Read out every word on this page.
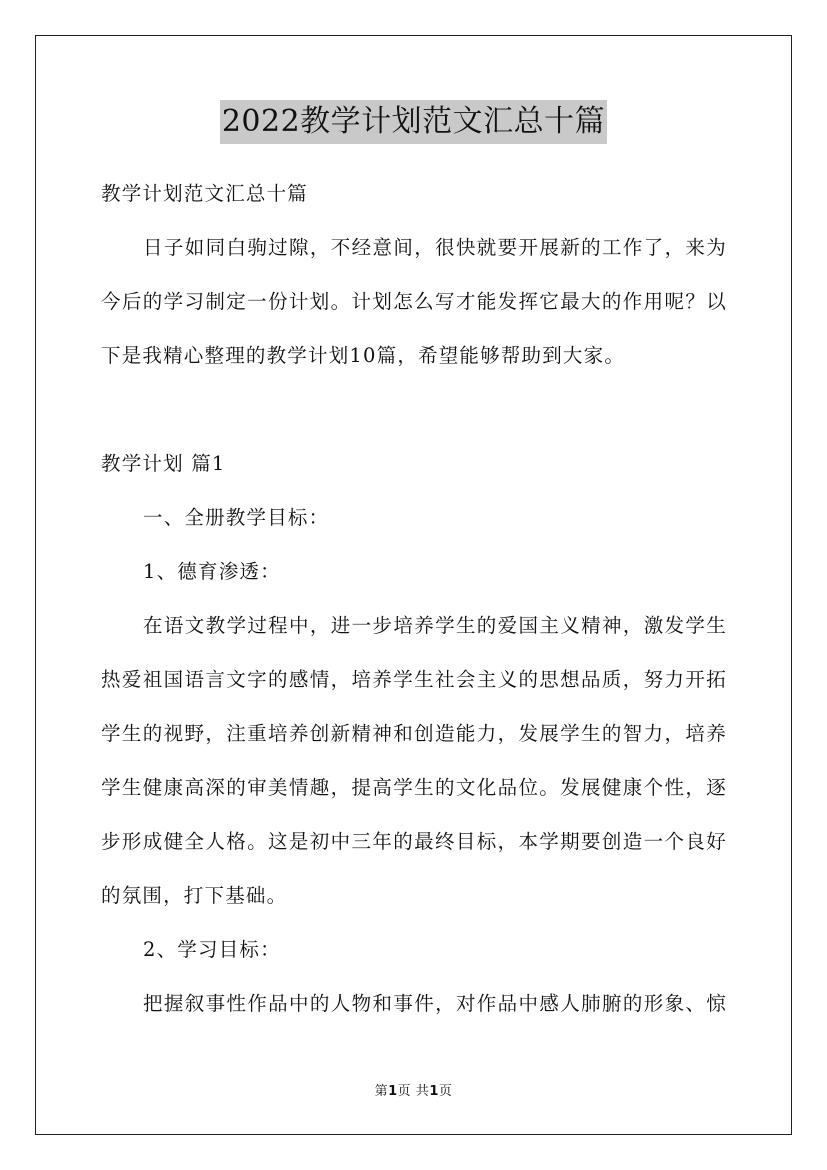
2022教学计划范文汇总十篇
教学计划范文汇总十篇
日子如同白驹过隙，不经意间，很快就要开展新的工作了，来为
今后的学习制定一份计划。计划怎么写才能发挥它最大的作用呢？以
下是我精心整理的教学计划10篇，希望能够帮助到大家。
教学计划 篇1
一、全册教学目标：
1、德育渗透：
在语文教学过程中，进一步培养学生的爱国主义精神，激发学生
热爱祖国语言文字的感情，培养学生社会主义的思想品质，努力开拓
学生的视野，注重培养创新精神和创造能力，发展学生的智力，培养
学生健康高深的审美情趣，提高学生的文化品位。发展健康个性，逐
步形成健全人格。这是初中三年的最终目标，本学期要创造一个良好
的氛围，打下基础。
2、学习目标：
把握叙事性作品中的人物和事件，对作品中感人肺腑的形象、惊
第1页 共1页
